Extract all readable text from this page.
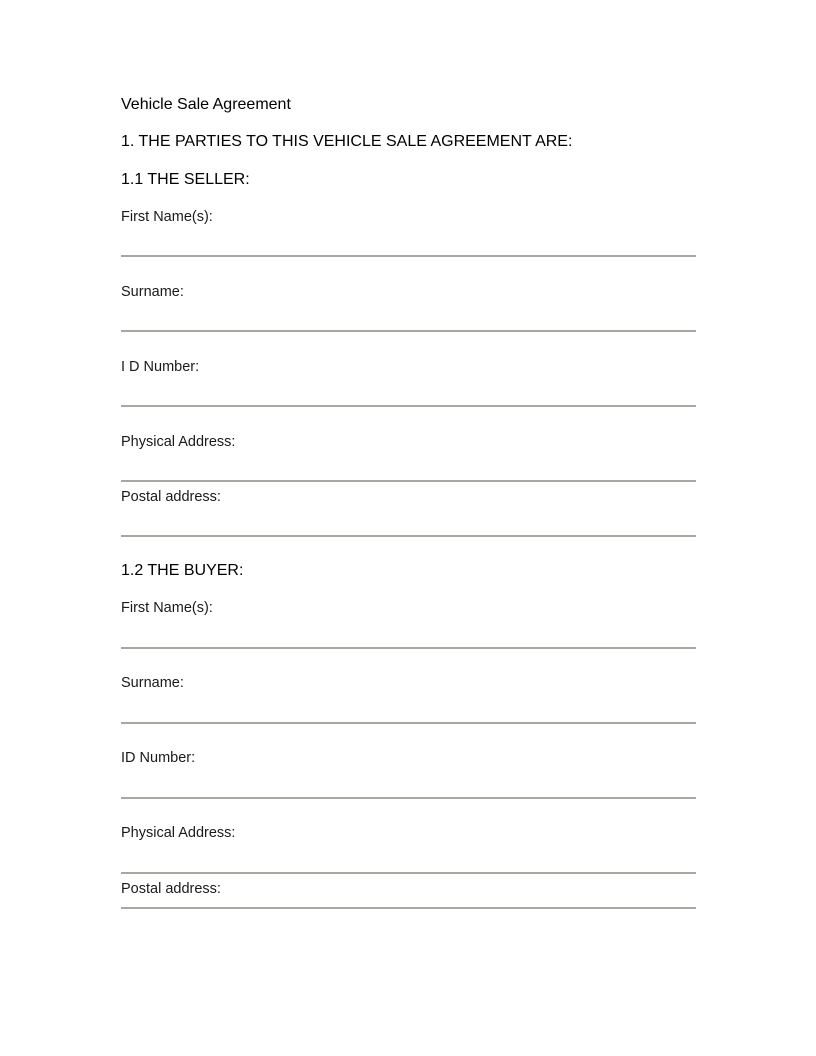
Vehicle Sale Agreement
1. THE PARTIES TO THIS VEHICLE SALE AGREEMENT ARE:
1.1 THE SELLER:
First Name(s):
Surname:
I D Number:
Physical Address:
Postal address:
1.2 THE BUYER:
First Name(s):
Surname:
ID Number:
Physical Address:
Postal address:
